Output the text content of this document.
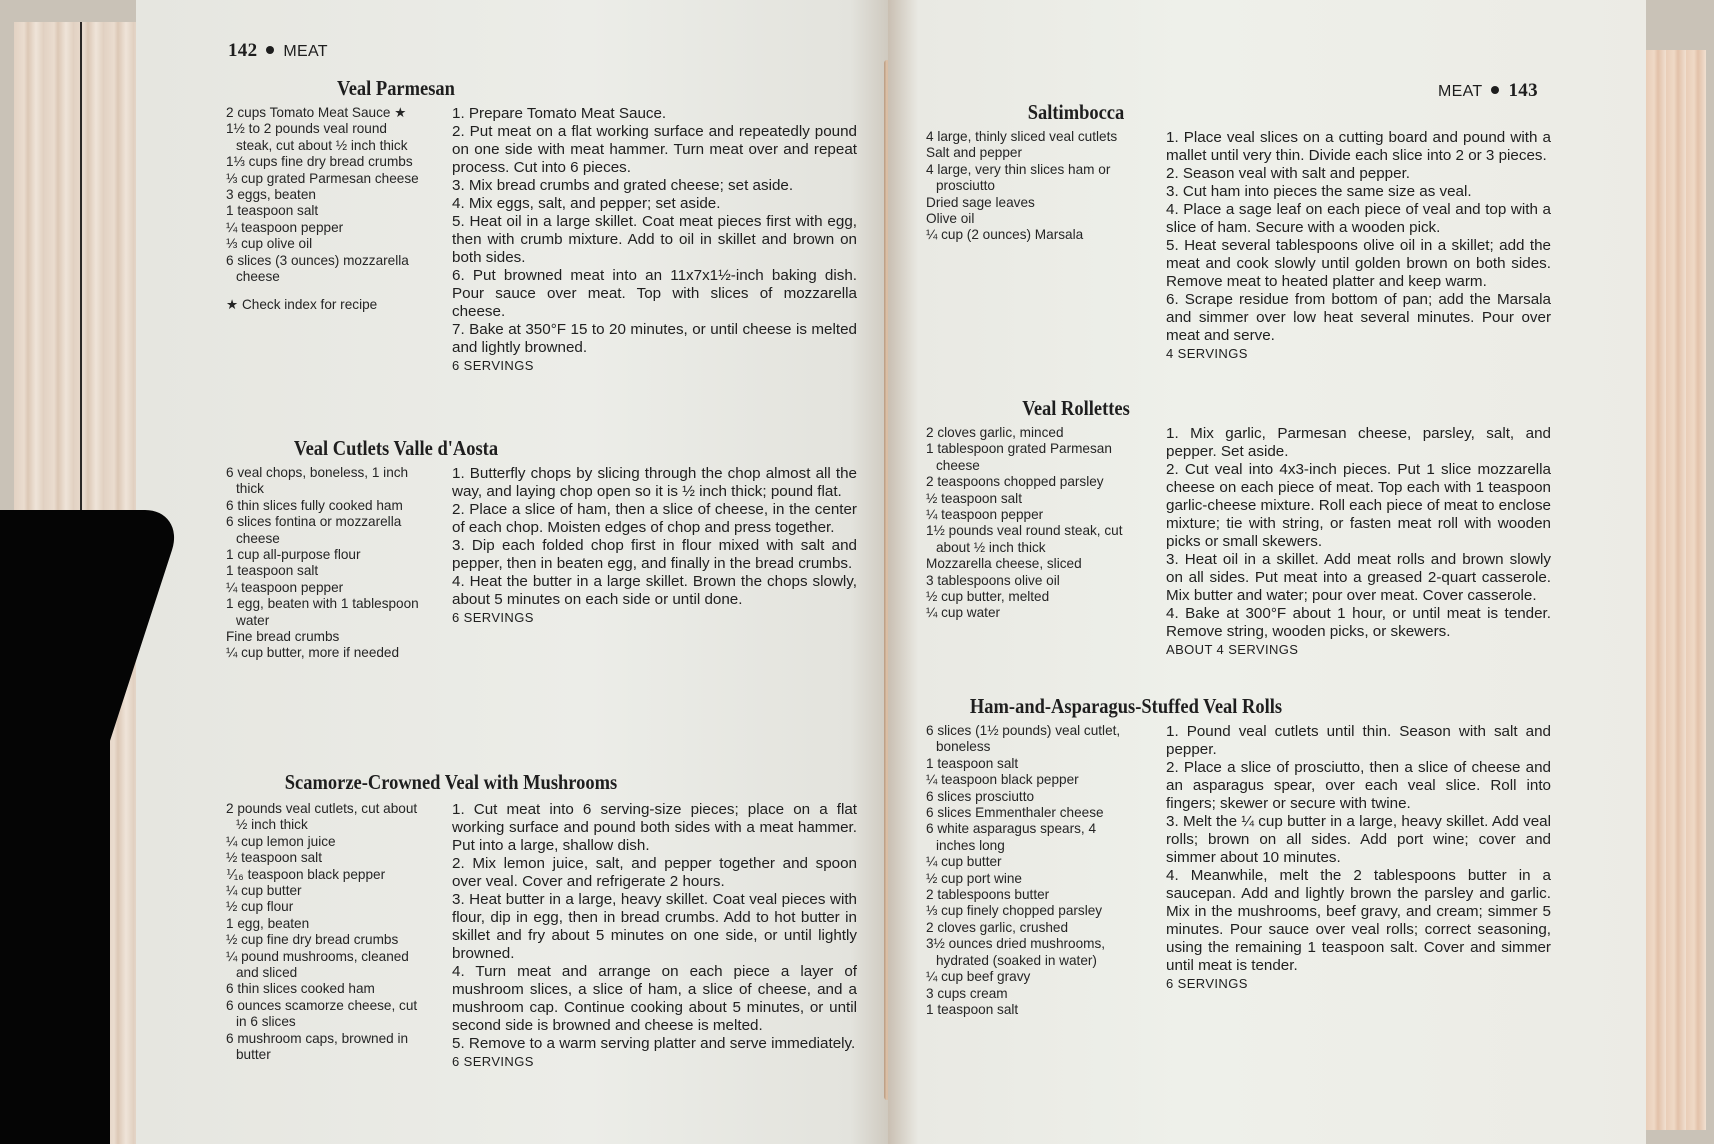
142 MEAT
Veal Parmesan
2 cups Tomato Meat Sauce ★
1½ to 2 pounds veal round steak, cut about ½ inch thick
1⅓ cups fine dry bread crumbs
⅓ cup grated Parmesan cheese
3 eggs, beaten
1 teaspoon salt
¼ teaspoon pepper
⅓ cup olive oil
6 slices (3 ounces) mozzarella cheese
★ Check index for recipe
1. Prepare Tomato Meat Sauce.
2. Put meat on a flat working surface and repeatedly pound on one side with meat hammer. Turn meat over and repeat process. Cut into 6 pieces.
3. Mix bread crumbs and grated cheese; set aside.
4. Mix eggs, salt, and pepper; set aside.
5. Heat oil in a large skillet. Coat meat pieces first with egg, then with crumb mixture. Add to oil in skillet and brown on both sides.
6. Put browned meat into an 11x7x1½-inch baking dish. Pour sauce over meat. Top with slices of mozzarella cheese.
7. Bake at 350°F 15 to 20 minutes, or until cheese is melted and lightly browned.
6 SERVINGS
Veal Cutlets Valle d'Aosta
6 veal chops, boneless, 1 inch thick
6 thin slices fully cooked ham
6 slices fontina or mozzarella cheese
1 cup all-purpose flour
1 teaspoon salt
¼ teaspoon pepper
1 egg, beaten with 1 tablespoon water
Fine bread crumbs
¼ cup butter, more if needed
1. Butterfly chops by slicing through the chop almost all the way, and laying chop open so it is ½ inch thick; pound flat.
2. Place a slice of ham, then a slice of cheese, in the center of each chop. Moisten edges of chop and press together.
3. Dip each folded chop first in flour mixed with salt and pepper, then in beaten egg, and finally in the bread crumbs.
4. Heat the butter in a large skillet. Brown the chops slowly, about 5 minutes on each side or until done.
6 SERVINGS
Scamorze-Crowned Veal with Mushrooms
2 pounds veal cutlets, cut about ½ inch thick
¼ cup lemon juice
½ teaspoon salt
⅟₁₆ teaspoon black pepper
¼ cup butter
½ cup flour
1 egg, beaten
½ cup fine dry bread crumbs
¼ pound mushrooms, cleaned and sliced
6 thin slices cooked ham
6 ounces scamorze cheese, cut in 6 slices
6 mushroom caps, browned in butter
1. Cut meat into 6 serving-size pieces; place on a flat working surface and pound both sides with a meat hammer. Put into a large, shallow dish.
2. Mix lemon juice, salt, and pepper together and spoon over veal. Cover and refrigerate 2 hours.
3. Heat butter in a large, heavy skillet. Coat veal pieces with flour, dip in egg, then in bread crumbs. Add to hot butter in skillet and fry about 5 minutes on one side, or until lightly browned.
4. Turn meat and arrange on each piece a layer of mushroom slices, a slice of ham, a slice of cheese, and a mushroom cap. Continue cooking about 5 minutes, or until second side is browned and cheese is melted.
5. Remove to a warm serving platter and serve immediately.
6 SERVINGS
MEAT 143
Saltimbocca
4 large, thinly sliced veal cutlets
Salt and pepper
4 large, very thin slices ham or prosciutto
Dried sage leaves
Olive oil
¼ cup (2 ounces) Marsala
1. Place veal slices on a cutting board and pound with a mallet until very thin. Divide each slice into 2 or 3 pieces.
2. Season veal with salt and pepper.
3. Cut ham into pieces the same size as veal.
4. Place a sage leaf on each piece of veal and top with a slice of ham. Secure with a wooden pick.
5. Heat several tablespoons olive oil in a skillet; add the meat and cook slowly until golden brown on both sides. Remove meat to heated platter and keep warm.
6. Scrape residue from bottom of pan; add the Marsala and simmer over low heat several minutes. Pour over meat and serve.
4 SERVINGS
Veal Rollettes
2 cloves garlic, minced
1 tablespoon grated Parmesan cheese
2 teaspoons chopped parsley
½ teaspoon salt
¼ teaspoon pepper
1½ pounds veal round steak, cut about ½ inch thick
Mozzarella cheese, sliced
3 tablespoons olive oil
½ cup butter, melted
¼ cup water
1. Mix garlic, Parmesan cheese, parsley, salt, and pepper. Set aside.
2. Cut veal into 4x3-inch pieces. Put 1 slice mozzarella cheese on each piece of meat. Top each with 1 teaspoon garlic-cheese mixture. Roll each piece of meat to enclose mixture; tie with string, or fasten meat roll with wooden picks or small skewers.
3. Heat oil in a skillet. Add meat rolls and brown slowly on all sides. Put meat into a greased 2-quart casserole. Mix butter and water; pour over meat. Cover casserole.
4. Bake at 300°F about 1 hour, or until meat is tender. Remove string, wooden picks, or skewers.
ABOUT 4 SERVINGS
Ham-and-Asparagus-Stuffed Veal Rolls
6 slices (1½ pounds) veal cutlet, boneless
1 teaspoon salt
¼ teaspoon black pepper
6 slices prosciutto
6 slices Emmenthaler cheese
6 white asparagus spears, 4 inches long
¼ cup butter
½ cup port wine
2 tablespoons butter
⅓ cup finely chopped parsley
2 cloves garlic, crushed
3½ ounces dried mushrooms, hydrated (soaked in water)
¼ cup beef gravy
3 cups cream
1 teaspoon salt
1. Pound veal cutlets until thin. Season with salt and pepper.
2. Place a slice of prosciutto, then a slice of cheese and an asparagus spear, over each veal slice. Roll into fingers; skewer or secure with twine.
3. Melt the ¼ cup butter in a large, heavy skillet. Add veal rolls; brown on all sides. Add port wine; cover and simmer about 10 minutes.
4. Meanwhile, melt the 2 tablespoons butter in a saucepan. Add and lightly brown the parsley and garlic. Mix in the mushrooms, beef gravy, and cream; simmer 5 minutes. Pour sauce over veal rolls; correct seasoning, using the remaining 1 teaspoon salt. Cover and simmer until meat is tender.
6 SERVINGS
